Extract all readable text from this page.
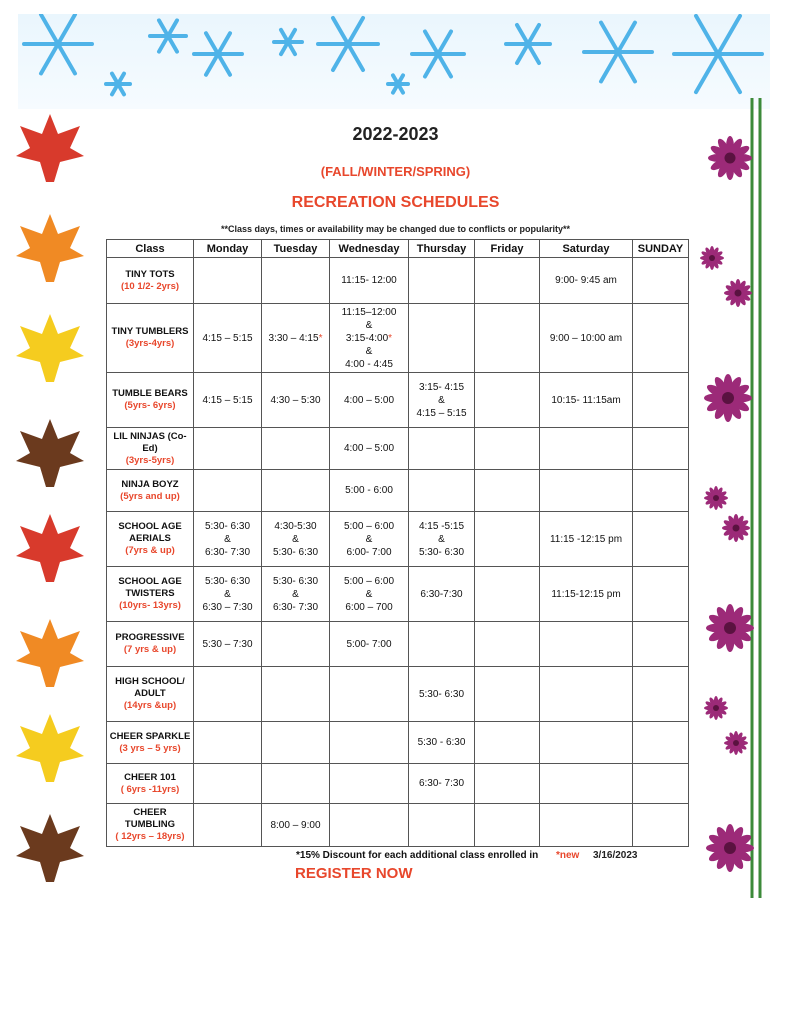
2022-2023
(FALL/WINTER/SPRING)
RECREATION SCHEDULES
**Class days, times or availability may be changed due to conflicts or popularity**
Class	Monday	Tuesday	Wednesday	Thursday	Friday	Saturday	SUNDAY

TINY TOTS
(10 1/2- 2yrs)			11:15- 12:00			9:00- 9:45 am	

TINY TUMBLERS
(3yrs-4yrs)	4:15 – 5:15	3:30 – 4:15*	11:15–12:00
&
3:15-4:00*
&
4:00 - 4:45			9:00 – 10:00 am	

TUMBLE BEARS
(5yrs- 6yrs)	4:15 – 5:15	4:30 – 5:30	4:00 – 5:00	3:15- 4:15
&
4:15 – 5:15		10:15- 11:15am	

LIL NINJAS (Co-Ed)
(3yrs-5yrs)			4:00 – 5:00				

NINJA BOYZ
(5yrs and up)			5:00 - 6:00				

SCHOOL AGE AERIALS
(7yrs & up)	5:30- 6:30
&
6:30- 7:30	4:30-5:30
&
5:30- 6:30	5:00 – 6:00
&
6:00- 7:00	4:15 -5:15
&
5:30- 6:30		11:15 -12:15 pm	

SCHOOL AGE TWISTERS
(10yrs- 13yrs)	5:30- 6:30
&
6:30 – 7:30	5:30- 6:30
&
6:30- 7:30	5:00 – 6:00
&
6:00 – 700	6:30-7:30		11:15-12:15 pm	

PROGRESSIVE
(7 yrs & up)	5:30 – 7:30		5:00- 7:00				

HIGH SCHOOL/ ADULT
(14yrs &up)				5:30- 6:30			

CHEER SPARKLE
(3 yrs – 5 yrs)				5:30 - 6:30			

CHEER 101
( 6yrs -11yrs)				6:30- 7:30			

CHEER TUMBLING
( 12yrs – 18yrs)		8:00 – 9:00					

*15% Discount for each additional class enrolled in *new 3/16/2023
REGISTER NOW
